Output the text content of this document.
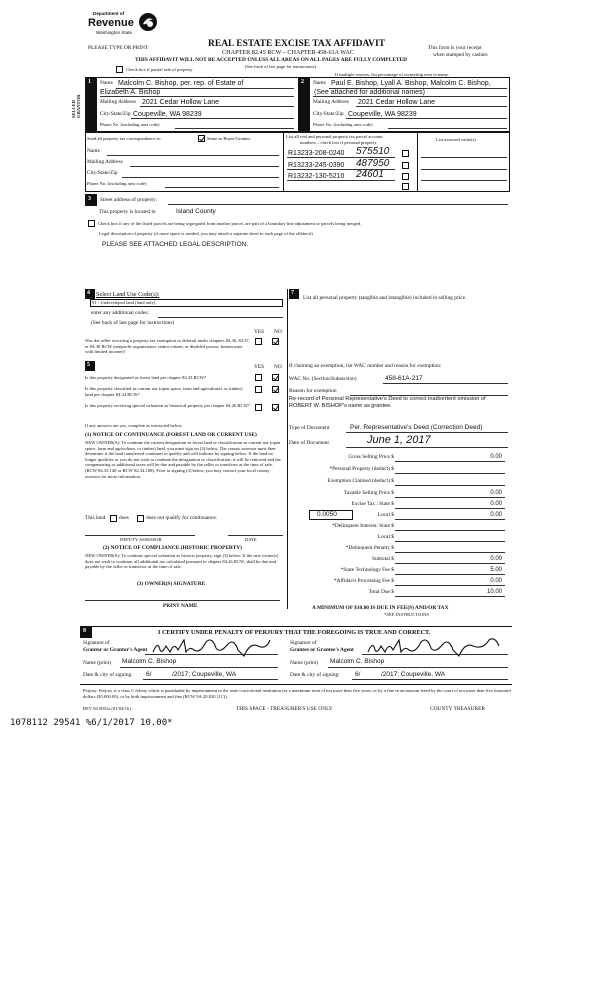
Department of
Revenue
Washington State
PLEASE TYPE OR PRINT	REAL ESTATE EXCISE TAX AFFIDAVIT
CHAPTER 82.45 RCW – CHAPTER 458-61A WAC
THIS AFFIDAVIT WILL NOT BE ACCEPTED UNLESS ALL AREAS ON ALL PAGES ARE FULLY COMPLETED
(See back of last page for instructions)
This form is your receipt
when stamped by cashier.
Check box if partial sale of property
If multiple owners, list percentage of ownership next to name.
1
SELLER GRANTOR
2
Name Malcolm C. Bishop, per. rep. of Estate of
Elizabeth A. Bishop
Mailing Address 2021 Cedar Hollow Lane
City/State/Zip Coupeville, WA 98239
Phone No. (including area code)
Name Paul E. Bishop, Lyall A. Bishop, Malcolm C. Bishop,
(See attached for additional names)
Mailing Address 2021 Cedar Hollow Lane
City/State/Zip Coupeville, WA 98239
Phone No. (including area code)
Send all property tax correspondence to:	Same as Buyer/Grantee
Name
Mailing Address
City/State/Zip
Phone No. (including area code)
List all real and personal property tax parcel account
numbers – check box if personal property
List assessed value(s)
R13233-208-0240 575510
R13233-245-0390 487950
R13232-130-5210 24601
3 Street address of property:
This property is located in	Island County
Check box if any of the listed parcels are being segregated from another parcel, are part of a boundary line adjustment or parcels being merged.
Legal description of property (if more space is needed, you may attach a separate sheet to each page of the affidavit)
PLEASE SEE ATTACHED LEGAL DESCRIPTION.
4 Select Land Use Code(s):
91 - Undeveloped land (land only)
enter any additional codes:
(See back of last page for instructions)
YES NO
Was the seller receiving a property tax exemption or deferral under chapters 84.36, 84.37, or 84.38 RCW (nonprofit organization, senior citizen, or disabled person, homeowner with limited income)?
5	YES NO
Is this property designated as forest land per chapter 84.33 RCW?
Is this property classified as current use (open space, farm and agricultural, or timber) land per chapter 84.34 RCW?
Is this property receiving special valuation as historical property per chapter 84.26 RCW?
If any answers are yes, complete as instructed below.
(1) NOTICE OF CONTINUANCE (FOREST LAND OR CURRENT USE)
NEW OWNER(S): To continue the current designation as forest land or classification as current use (open space, farm and agriculture, or timber) land, you must sign on (3) below. The county assessor must then determine if the land transferred continues to qualify and will indicate by signing below. If the land no longer qualifies or you do not wish to continue the designation or classification, it will be removed and the compensating or additional taxes will be due and payable by the seller or transferor at the time of sale. (RCW 84.33.140 or RCW 84.34.108). Prior to signing (3) below, you may contact your local county assessor for more information.
This land	does	does not qualify for continuance.
DEPUTY ASSESSOR	DATE
(2) NOTICE OF COMPLIANCE (HISTORIC PROPERTY)
NEW OWNER(S): To continue special valuation as historic property, sign (3) below. If the new owner(s) does not wish to continue, all additional tax calculated pursuant to chapter 84.26 RCW, shall be due and payable by the seller or transferor at the time of sale.
(3) OWNER(S) SIGNATURE
PRINT NAME
7
List all personal property (tangible and intangible) included in selling price.
If claiming an exemption, list WAC number and reason for exemption:
WAC No. (Section/Subsection)	458-61A-217
Reason for exemption
Re-record of Personal Representative's Deed to correct inadvertent omission of ROBERT W. BISHOP's name as grantee.
Type of Document	Per. Representative's Deed (Correction Deed)
Date of Document	June 1, 2017
Gross Selling Price $	0.00
*Personal Property (deduct) $
Exemption Claimed (deduct) $
Taxable Selling Price $	0.00
Excise Tax : State $	0.00
0.0050	Local $	0.00
*Delinquent Interest: State $
Local $
*Delinquent Penalty $
Subtotal $	0.00
*State Technology Fee $	5.00
*Affidavit Processing Fee $	0.00
Total Due $	10.00
A MINIMUM OF $10.00 IS DUE IN FEE(S) AND/OR TAX
*SEE INSTRUCTIONS
8	I CERTIFY UNDER PENALTY OF PERJURY THAT THE FOREGOING IS TRUE AND CORRECT.
Signature of
Grantor or Grantor's Agent
Signature of
Grantee or Grantee's Agent
Name (print) Malcolm C. Bishop	Name (print) Malcolm C. Bishop
Date & city of signing: 6/	/2017; Coupeville, WA	Date & city of signing: 6/	/2017; Coupeville, WA
Perjury: Perjury is a class C felony which is punishable by imprisonment in the state correctional institution for a maximum term of not more than five years, or by a fine in an amount fixed by the court of not more than five thousand dollars ($5,000.00), or by both imprisonment and fine (RCW 9A.20.020 (1C)).
REV 84 0001a (01/04/16)	THIS SPACE - TREASURER'S USE ONLY	COUNTY TREASURER
1078112 29541 %6/1/2017 10.00*
